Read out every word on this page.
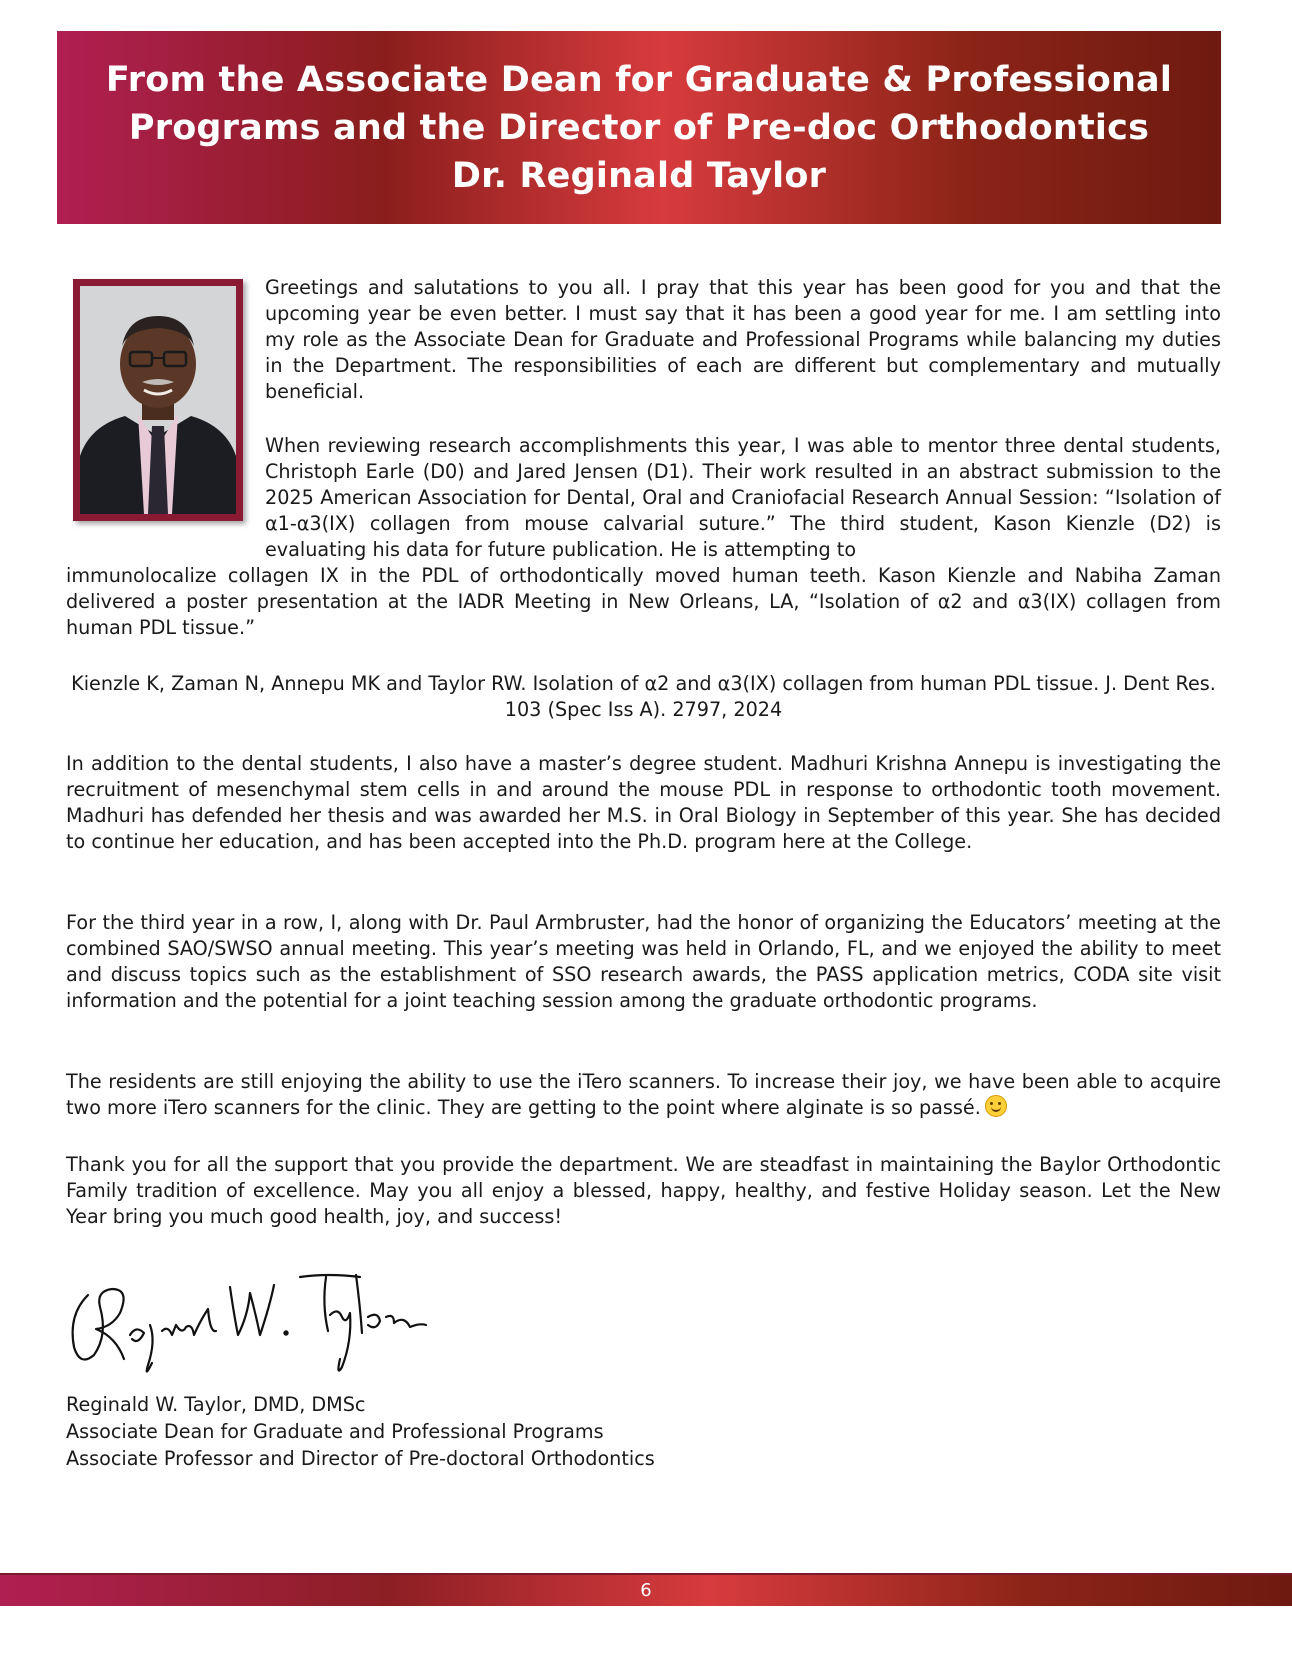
From the Associate Dean for Graduate & Professional
Programs and the Director of Pre-doc Orthodontics
Dr. Reginald Taylor

Greetings and salutations to you all. I pray that this year has been good for you and that the upcoming year be even better. I must say that it has been a good year for me. I am settling into my role as the Associate Dean for Graduate and Professional Programs while balancing my duties in the Department. The responsibilities of each are different but complementary and mutually beneficial.

When reviewing research accomplishments this year, I was able to mentor three dental students, Christoph Earle (D0) and Jared Jensen (D1). Their work resulted in an abstract submission to the 2025 American Association for Dental, Oral and Craniofacial Research Annual Session: “Isolation of α1-α3(IX) collagen from mouse calvarial suture.” The third student, Kason Kienzle (D2) is evaluating his data for future publication. He is attempting to

immunolocalize collagen IX in the PDL of orthodontically moved human teeth. Kason Kienzle and Nabiha Zaman delivered a poster presentation at the IADR Meeting in New Orleans, LA, “Isolation of α2 and α3(IX) collagen from human PDL tissue.”

Kienzle K, Zaman N, Annepu MK and Taylor RW. Isolation of α2 and α3(IX) collagen from human PDL tissue. J. Dent Res. 103 (Spec Iss A). 2797, 2024

In addition to the dental students, I also have a master’s degree student. Madhuri Krishna Annepu is investigating the recruitment of mesenchymal stem cells in and around the mouse PDL in response to orthodontic tooth movement. Madhuri has defended her thesis and was awarded her M.S. in Oral Biology in September of this year. She has decided to continue her education, and has been accepted into the Ph.D. program here at the College.

For the third year in a row, I, along with Dr. Paul Armbruster, had the honor of organizing the Educators’ meeting at the combined SAO/SWSO annual meeting. This year’s meeting was held in Orlando, FL, and we enjoyed the ability to meet and discuss topics such as the establishment of SSO research awards, the PASS application metrics, CODA site visit information and the potential for a joint teaching session among the graduate orthodontic programs.

The residents are still enjoying the ability to use the iTero scanners. To increase their joy, we have been able to acquire two more iTero scanners for the clinic. They are getting to the point where alginate is so passé.

Thank you for all the support that you provide the department. We are steadfast in maintaining the Baylor Orthodontic Family tradition of excellence. May you all enjoy a blessed, happy, healthy, and festive Holiday season. Let the New Year bring you much good health, joy, and success!

Reginald W. Taylor, DMD, DMSc
Associate Dean for Graduate and Professional Programs
Associate Professor and Director of Pre-doctoral Orthodontics
6
